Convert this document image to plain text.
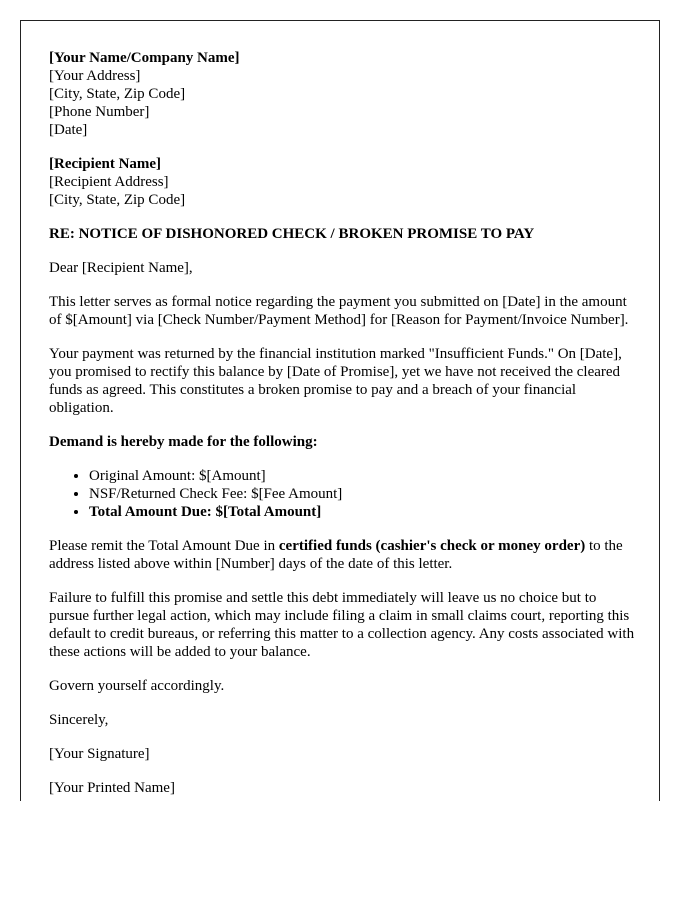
[Your Name/Company Name]
[Your Address]
[City, State, Zip Code]
[Phone Number]
[Date]
[Recipient Name]
[Recipient Address]
[City, State, Zip Code]
RE: NOTICE OF DISHONORED CHECK / BROKEN PROMISE TO PAY

Dear [Recipient Name],

This letter serves as formal notice regarding the payment you submitted on [Date] in the amount of $[Amount] via [Check Number/Payment Method] for [Reason for Payment/Invoice Number].

Your payment was returned by the financial institution marked "Insufficient Funds." On [Date], you promised to rectify this balance by [Date of Promise], yet we have not received the cleared funds as agreed. This constitutes a broken promise to pay and a breach of your financial obligation.

Demand is hereby made for the following:

• Original Amount: $[Amount]
• NSF/Returned Check Fee: $[Fee Amount]
• Total Amount Due: $[Total Amount]

Please remit the Total Amount Due in certified funds (cashier's check or money order) to the address listed above within [Number] days of the date of this letter.

Failure to fulfill this promise and settle this debt immediately will leave us no choice but to pursue further legal action, which may include filing a claim in small claims court, reporting this default to credit bureaus, or referring this matter to a collection agency. Any costs associated with these actions will be added to your balance.

Govern yourself accordingly.

Sincerely,

[Your Signature]

[Your Printed Name]
